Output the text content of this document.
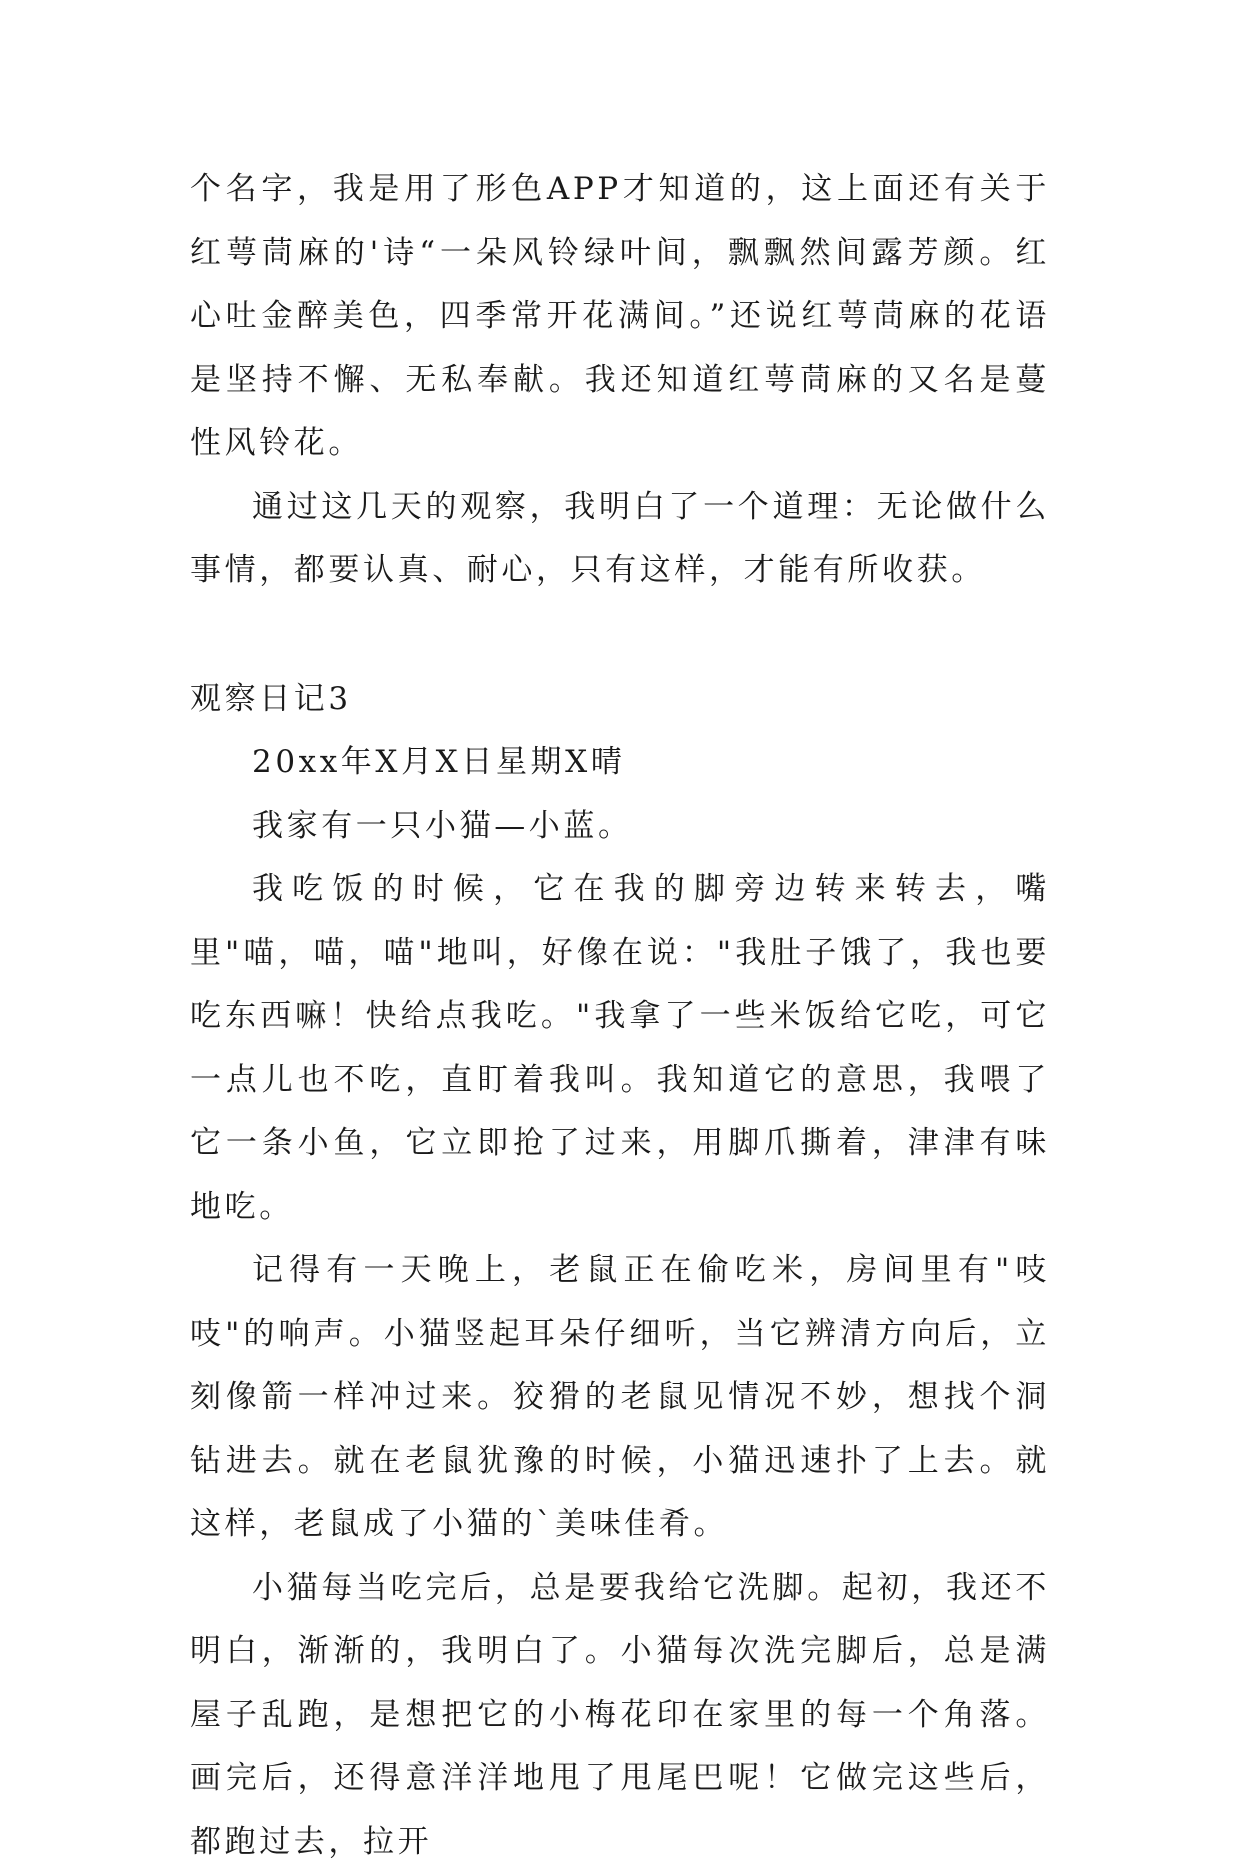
个名字，我是用了形色APP才知道的，这上面还有关于红萼茼麻的'诗“一朵风铃绿叶间，飘飘然间露芳颜。红心吐金醉美色，四季常开花满间。”还说红萼茼麻的花语是坚持不懈、无私奉献。我还知道红萼茼麻的又名是蔓性风铃花。

通过这几天的观察，我明白了一个道理：无论做什么事情，都要认真、耐心，只有这样，才能有所收获。

观察日记3

20xx年X月X日星期X晴

我家有一只小猫—小蓝。

我吃饭的时候，它在我的脚旁边转来转去，嘴里"喵，喵，喵"地叫，好像在说："我肚子饿了，我也要吃东西嘛！快给点我吃。"我拿了一些米饭给它吃，可它一点儿也不吃，直盯着我叫。我知道它的意思，我喂了它一条小鱼，它立即抢了过来，用脚爪撕着，津津有味地吃。

记得有一天晚上，老鼠正在偷吃米，房间里有"吱吱"的响声。小猫竖起耳朵仔细听，当它辨清方向后，立刻像箭一样冲过来。狡猾的老鼠见情况不妙，想找个洞钻进去。就在老鼠犹豫的时候，小猫迅速扑了上去。就这样，老鼠成了小猫的`美味佳肴。

小猫每当吃完后，总是要我给它洗脚。起初，我还不明白，渐渐的，我明白了。小猫每次洗完脚后，总是满屋子乱跑，是想把它的小梅花印在家里的每一个角落。画完后，还得意洋洋地甩了甩尾巴呢！它做完这些后，都跑过去，拉开
